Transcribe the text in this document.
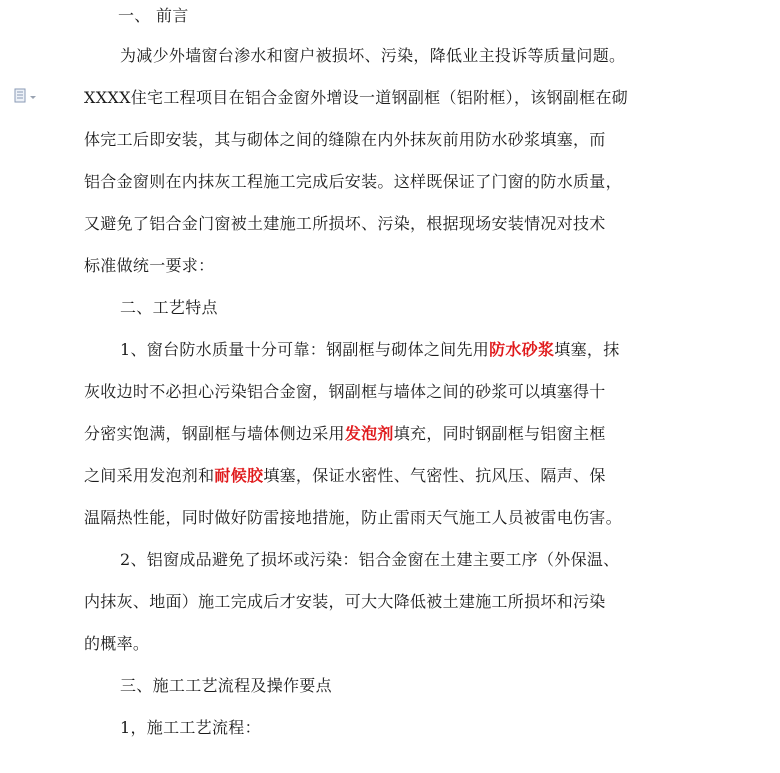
一、 前言
为减少外墙窗台渗水和窗户被损坏、污染，降低业主投诉等质量问题。
XXXX住宅工程项目在铝合金窗外增设一道钢副框（铝附框），该钢副框在砌
体完工后即安装，其与砌体之间的缝隙在内外抹灰前用防水砂浆填塞，而
铝合金窗则在内抹灰工程施工完成后安装。这样既保证了门窗的防水质量，
又避免了铝合金门窗被土建施工所损坏、污染，根据现场安装情况对技术
标准做统一要求：
二、工艺特点
1、窗台防水质量十分可靠：钢副框与砌体之间先用防水砂浆填塞，抹
灰收边时不必担心污染铝合金窗，钢副框与墙体之间的砂浆可以填塞得十
分密实饱满，钢副框与墙体侧边采用发泡剂填充，同时钢副框与铝窗主框
之间采用发泡剂和耐候胶填塞，保证水密性、气密性、抗风压、隔声、保
温隔热性能，同时做好防雷接地措施，防止雷雨天气施工人员被雷电伤害。
2、铝窗成品避免了损坏或污染：铝合金窗在土建主要工序（外保温、
内抹灰、地面）施工完成后才安装，可大大降低被土建施工所损坏和污染
的概率。
三、施工工艺流程及操作要点
1，施工工艺流程：
